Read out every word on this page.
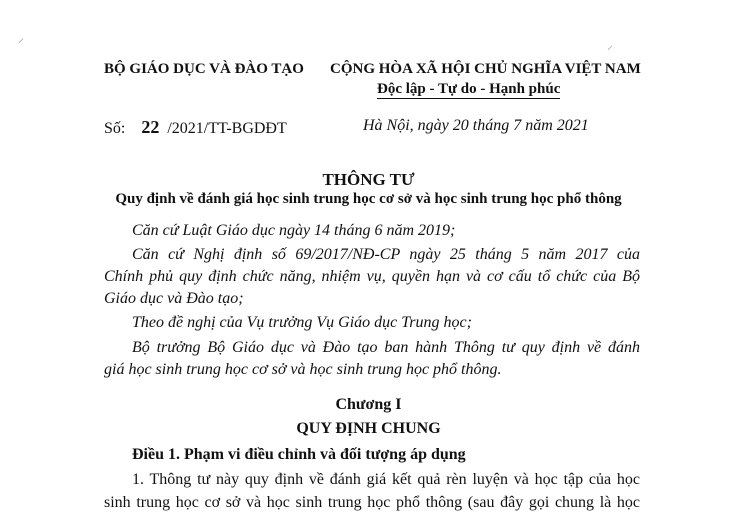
⸍	⸝
BỘ GIÁO DỤC VÀ ĐÀO TẠO CỘNG HÒA XÃ HỘI CHỦ NGHĨA VIỆT NAM
Độc lập - Tự do - Hạnh phúc
Số: 22 /2021/TT-BGDĐT	Hà Nội, ngày 20 tháng 7 năm 2021
THÔNG TƯ
Quy định về đánh giá học sinh trung học cơ sở và học sinh trung học phổ thông
Căn cứ Luật Giáo dục ngày 14 tháng 6 năm 2019;
Căn cứ Nghị định số 69/2017/NĐ-CP ngày 25 tháng 5 năm 2017 của
Chính phủ quy định chức năng, nhiệm vụ, quyền hạn và cơ cấu tổ chức của Bộ
Giáo dục và Đào tạo;
Theo đề nghị của Vụ trưởng Vụ Giáo dục Trung học;
Bộ trưởng Bộ Giáo dục và Đào tạo ban hành Thông tư quy định về đánh
giá học sinh trung học cơ sở và học sinh trung học phổ thông.
Chương I
QUY ĐỊNH CHUNG
Điều 1. Phạm vi điều chỉnh và đối tượng áp dụng
1. Thông tư này quy định về đánh giá kết quả rèn luyện và học tập của học
sinh trung học cơ sở và học sinh trung học phổ thông (sau đây gọi chung là học
